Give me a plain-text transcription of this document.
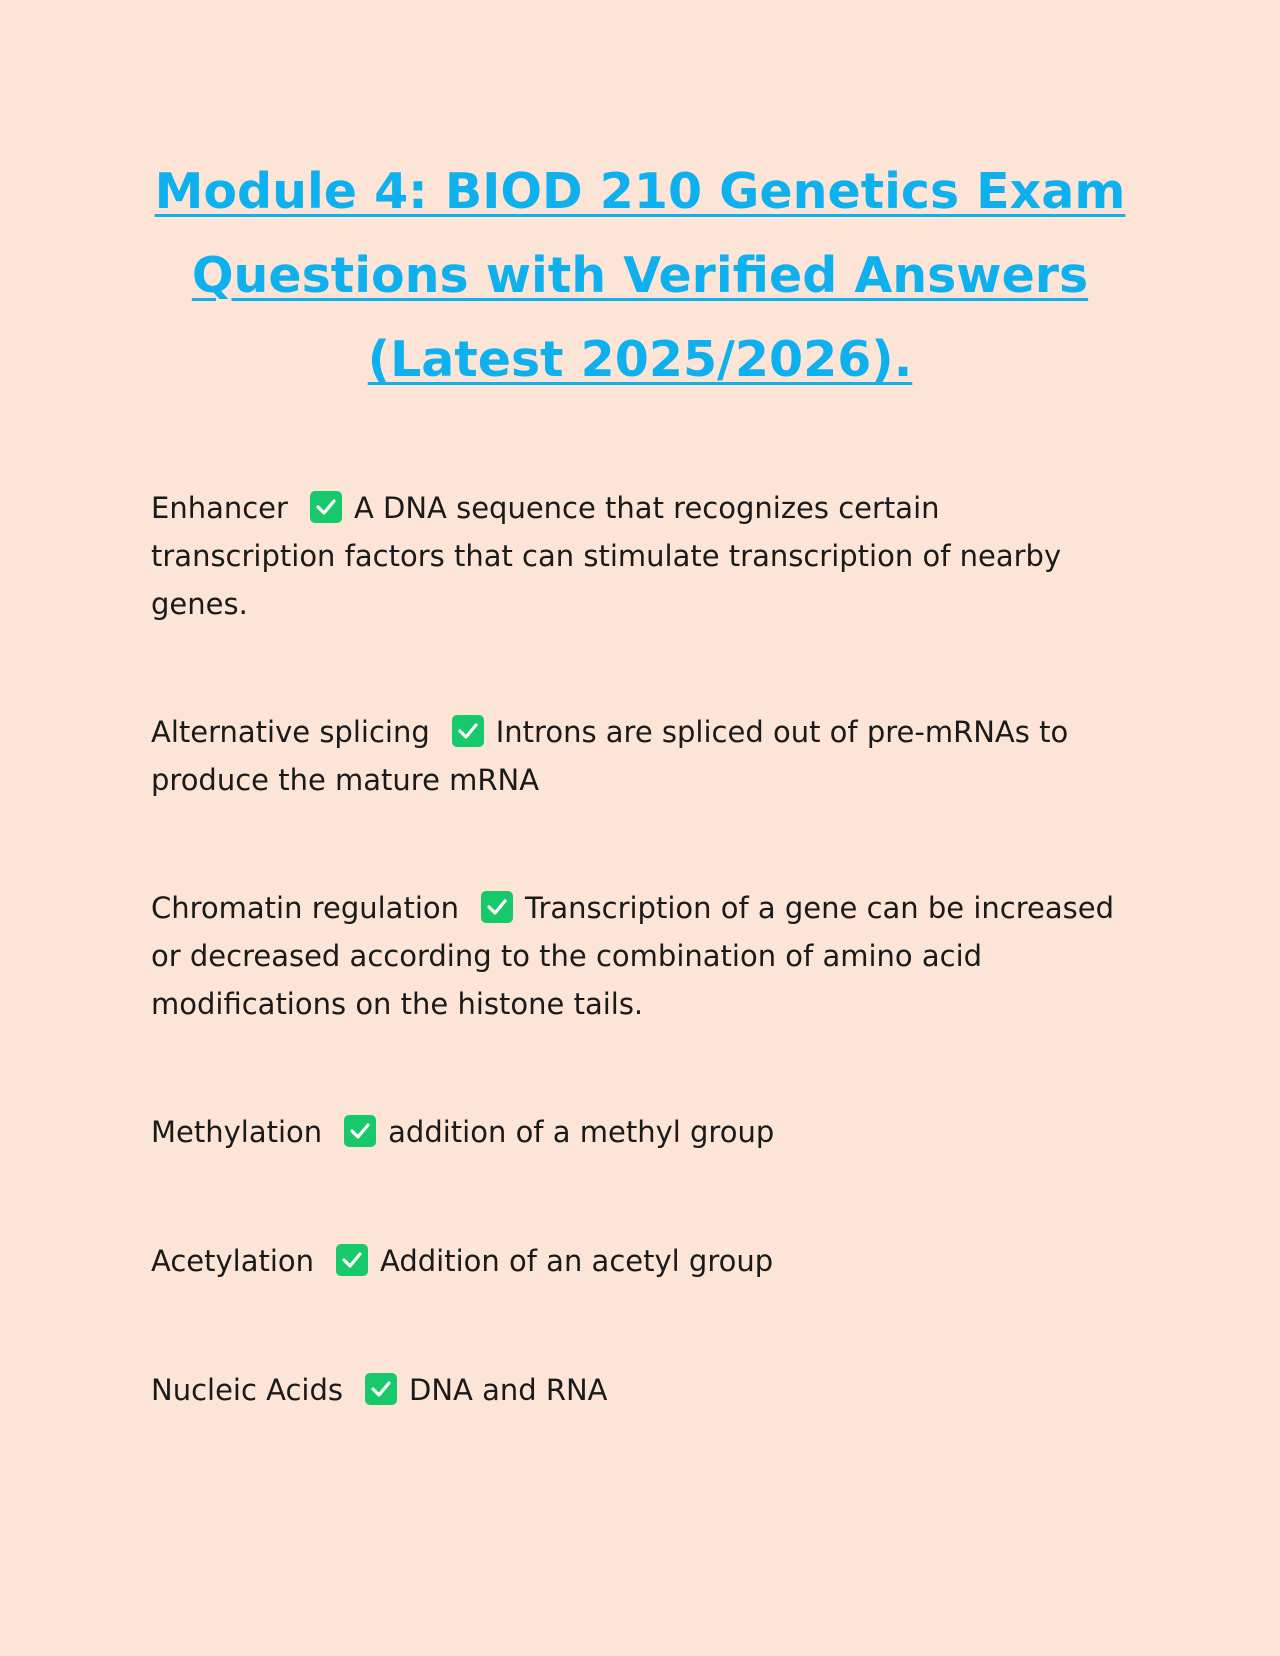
Module 4: BIOD 210 Genetics Exam Questions with Verified Answers (Latest 2025/2026).

Enhancer A DNA sequence that recognizes certain transcription factors that can stimulate transcription of nearby genes.

Alternative splicing Introns are spliced out of pre-mRNAs to produce the mature mRNA

Chromatin regulation Transcription of a gene can be increased or decreased according to the combination of amino acid modifications on the histone tails.

Methylation addition of a methyl group

Acetylation Addition of an acetyl group

Nucleic Acids DNA and RNA
